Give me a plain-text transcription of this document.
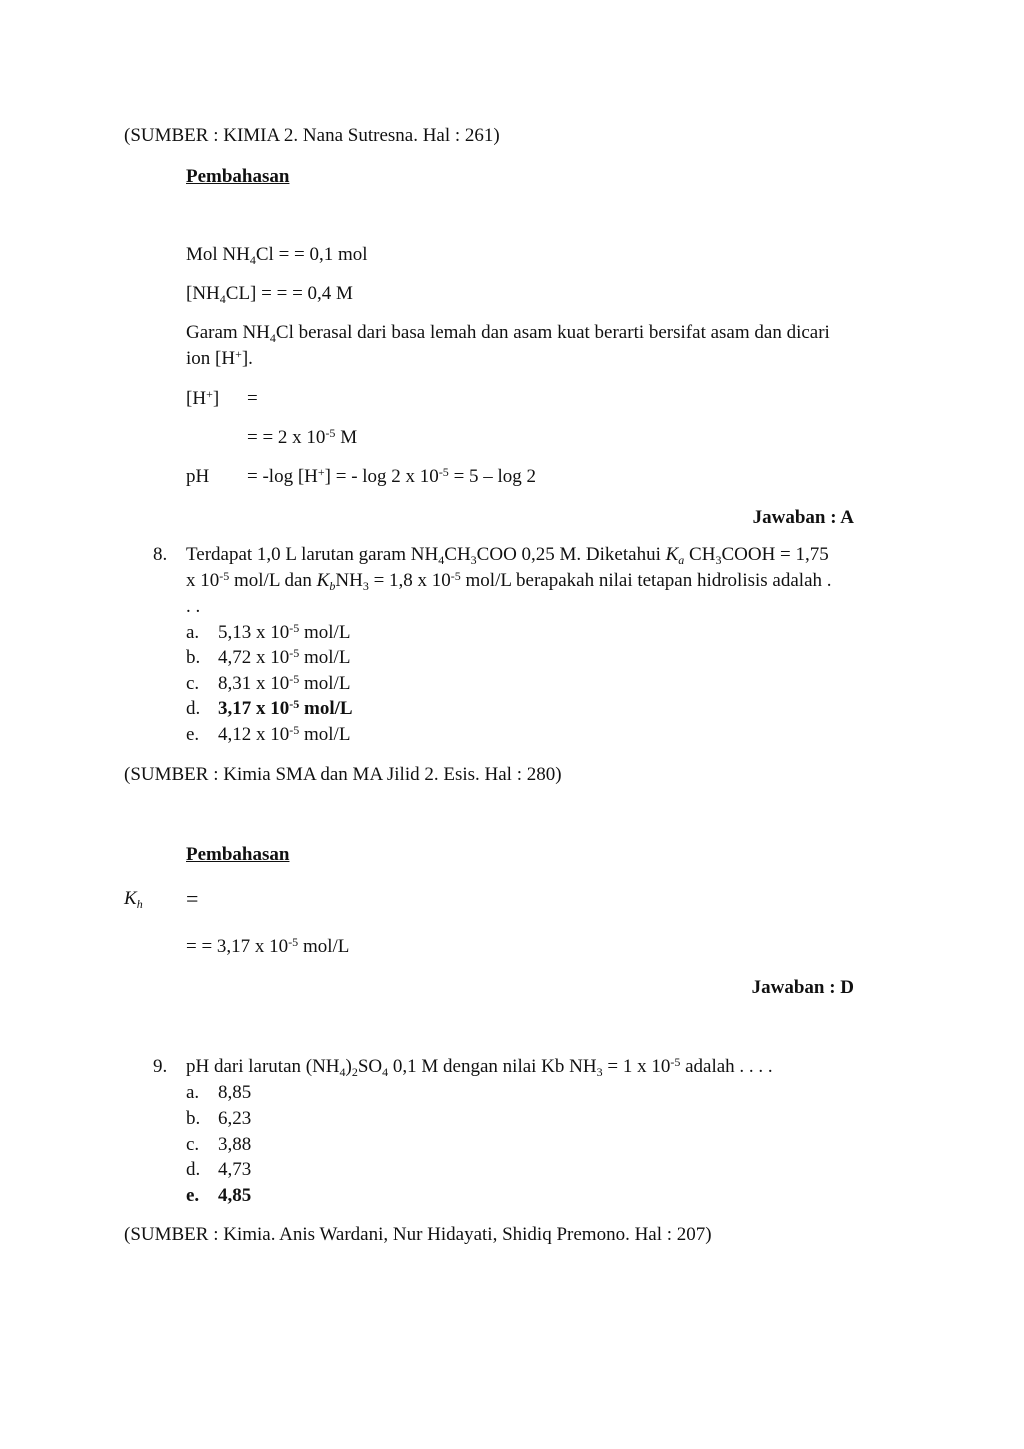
(SUMBER : KIMIA 2. Nana Sutresna. Hal : 261)
Pembahasan
Mol $NH_4Cl$ = = 0,1 mol
$[NH_4CL]$ = = = 0,4 M
Garam $NH_4Cl$ berasal dari basa lemah dan asam kuat berarti bersifat asam dan dicari
ion [H+].
[H+] =
= = 2 x $10^{-5}$ M
pH = -log [H+] = - log 2 x $10^{-5} = 5 - \log 2$
Jawaban : A
8. Terdapat 1,0 L larutan garam $NH_4CH_3COO$ 0,25 M. Diketahui $K_a$ $CH_3COOH = 1,75$
x $10^{-5}$ mol/L dan $K_bNH_3 = 1,8$ x $10^{-5}$ mol/L berapakah nilai tetapan hidrolisis adalah .
. .
a. 5,13 x $10^{-5}$ mol/L
b. 4,72 x $10^{-5}$ mol/L
c. 8,31 x $10^{-5}$ mol/L
d. 3,17 x $10^{-5}$ mol/L
e. 4,12 x $10^{-5}$ mol/L
(SUMBER : Kimia SMA dan MA Jilid 2. Esis. Hal : 280)
Pembahasan
$K_h$ =
= = 3,17 x $10^{-5}$ mol/L
Jawaban : D
9. pH dari larutan $(NH_4)_2SO_4$ 0,1 M dengan nilai Kb $NH_3 = 1$ x $10^{-5}$ adalah . . . .
a. 8,85
b. 6,23
c. 3,88
d. 4,73
e. 4,85
(SUMBER : Kimia. Anis Wardani, Nur Hidayati, Shidiq Premono. Hal : 207)
